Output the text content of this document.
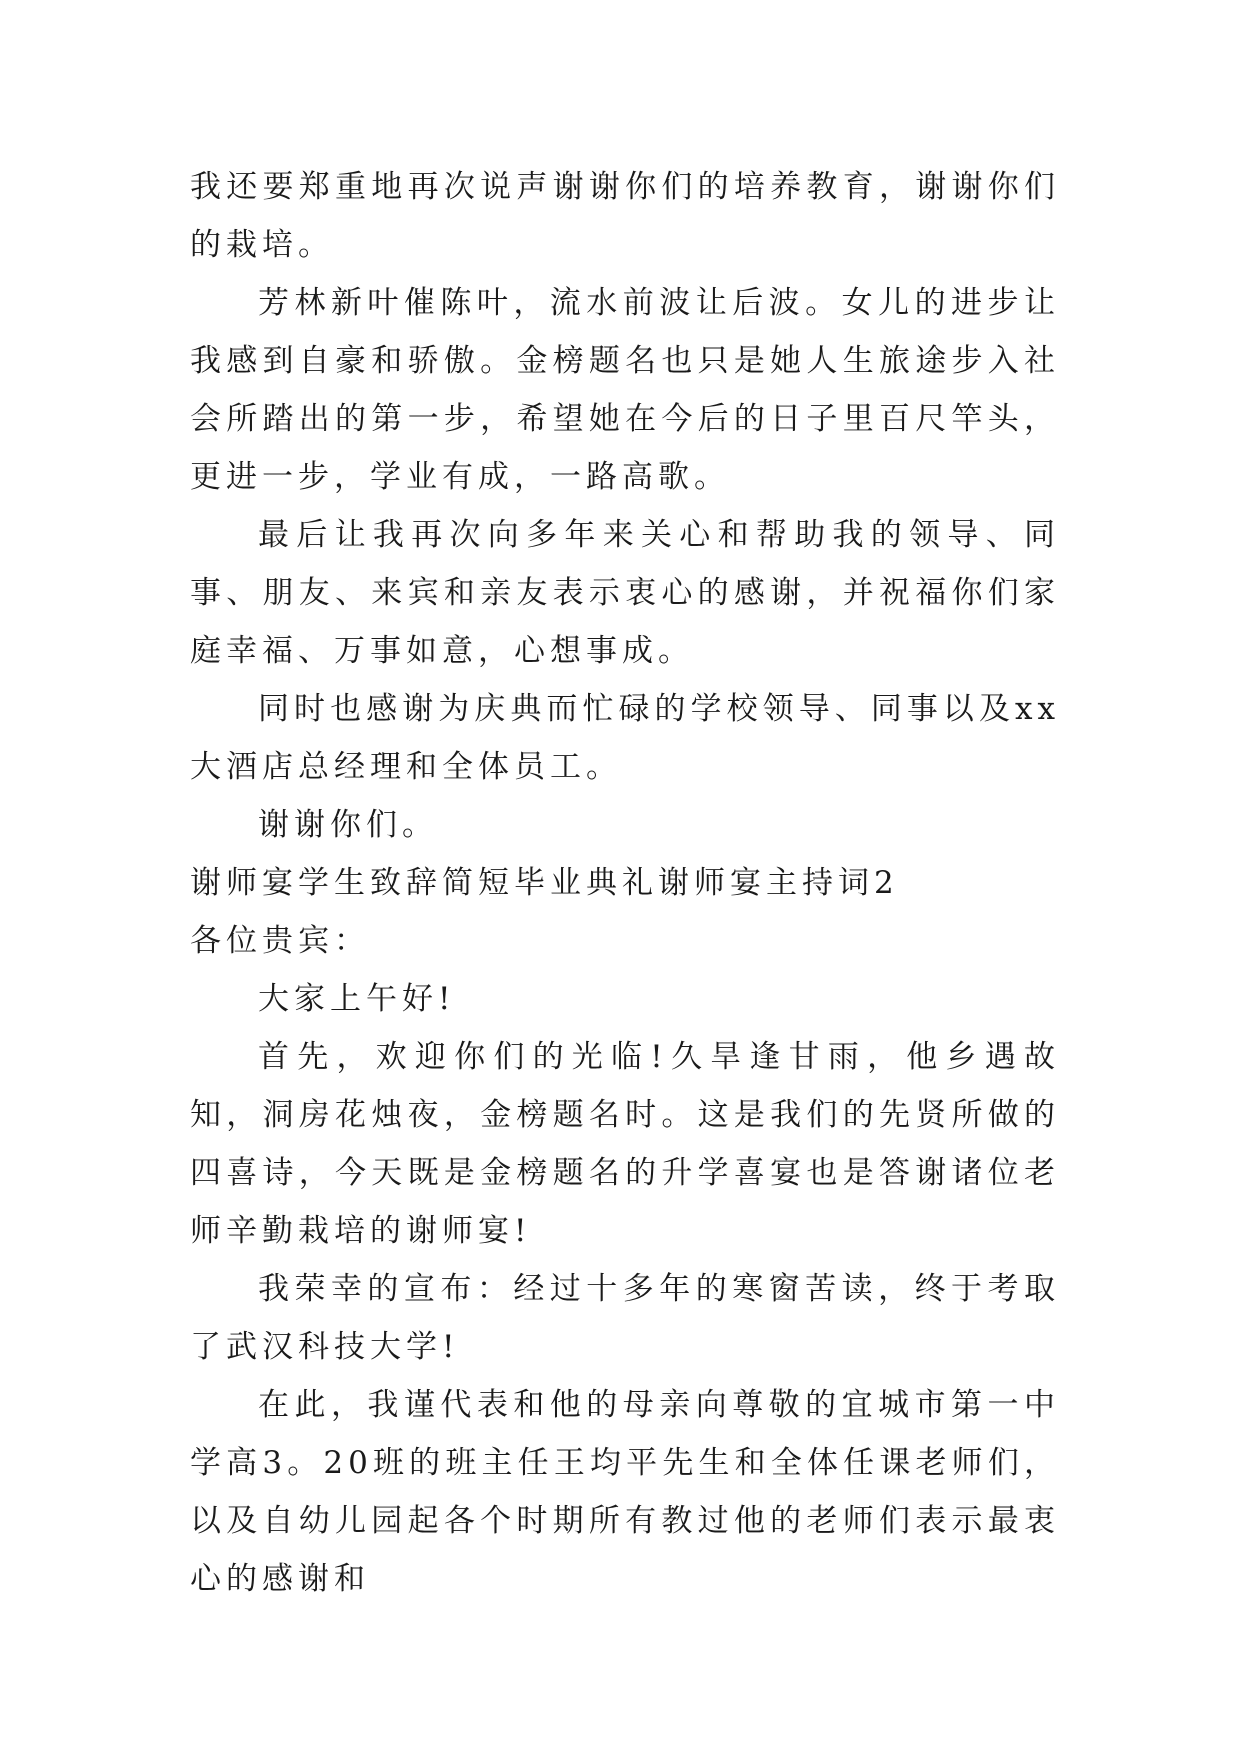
我还要郑重地再次说声谢谢你们的培养教育，谢谢你们的栽培。

芳林新叶催陈叶，流水前波让后波。女儿的进步让我感到自豪和骄傲。金榜题名也只是她人生旅途步入社会所踏出的第一步，希望她在今后的日子里百尺竿头，更进一步，学业有成，一路高歌。

最后让我再次向多年来关心和帮助我的领导、同事、朋友、来宾和亲友表示衷心的感谢，并祝福你们家庭幸福、万事如意，心想事成。

同时也感谢为庆典而忙碌的学校领导、同事以及xx大酒店总经理和全体员工。

谢谢你们。

谢师宴学生致辞简短毕业典礼谢师宴主持词2

各位贵宾：

大家上午好!

首先，欢迎你们的光临!久旱逢甘雨，他乡遇故知，洞房花烛夜，金榜题名时。这是我们的先贤所做的四喜诗，今天既是金榜题名的升学喜宴也是答谢诸位老师辛勤栽培的谢师宴!

我荣幸的宣布：经过十多年的寒窗苦读，终于考取了武汉科技大学!

在此，我谨代表和他的母亲向尊敬的宜城市第一中学高3。20班的班主任王均平先生和全体任课老师们，以及自幼儿园起各个时期所有教过他的老师们表示最衷心的感谢和
